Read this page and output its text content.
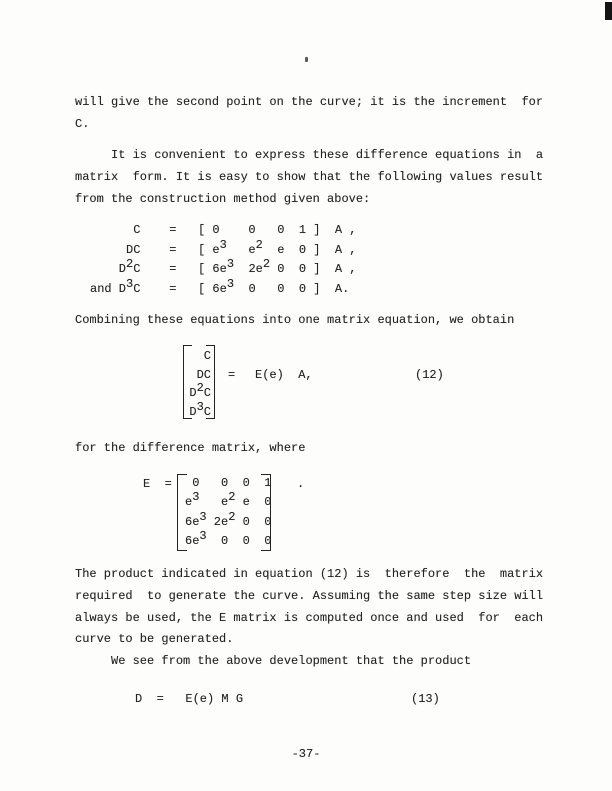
will give the second point on the curve; it is the increment  for
C.
It is convenient to express these difference equations in  a
matrix  form. It is easy to show that the following values result
from the construction method given above:
C    =   [ 0    0   0  1 ]  A ,
DC    =   [ e3   e2  e  0 ]  A ,
D2C    =   [ 6e3  2e2 0  0 ]  A ,
and D3C    =   [ 6e3  0   0  0 ]  A.
Combining these equations into one matrix equation, we obtain
C
DC
D2C
D3C
= E(e)  A,	(12)
for the difference matrix, where
E  = 0   0  0  1
e3   e2 e  0
6e3 2e2 0  0
6e3  0  0  0
.
The product indicated in equation (12) is  therefore  the  matrix
required  to generate the curve. Assuming the same step size will
always be used, the E matrix is computed once and used  for  each
curve to be generated.
We see from the above development that the product
D  =   E(e) M G	(13)
-37-
